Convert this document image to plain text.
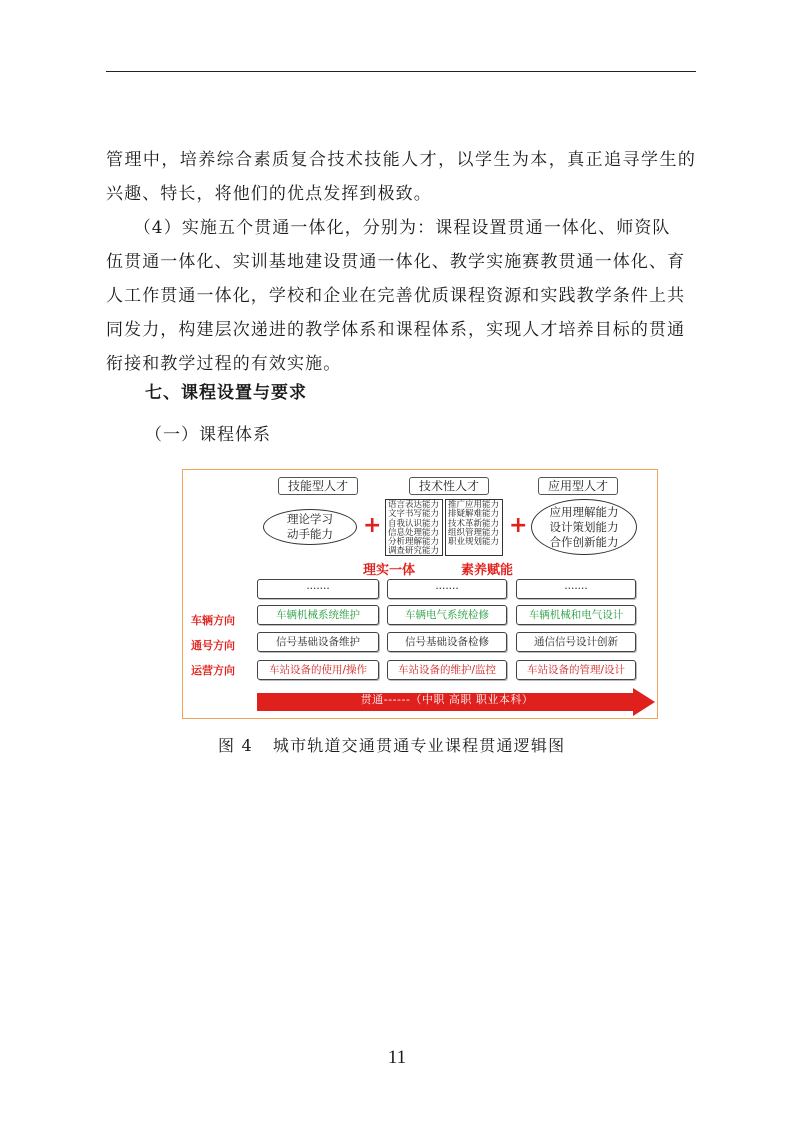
管理中，培养综合素质复合技术技能人才，以学生为本，真正追寻学生的兴趣、特长，将他们的优点发挥到极致。
　　（4）实施五个贯通一体化，分别为：课程设置贯通一体化、师资队
伍贯通一体化、实训基地建设贯通一体化、教学实施赛教贯通一体化、育
人工作贯通一体化，学校和企业在完善优质课程资源和实践教学条件上共
同发力，构建层次递进的教学体系和课程体系，实现人才培养目标的贯通
衔接和教学过程的有效实施。
七、课程设置与要求
（一）课程体系
技能型人才	技术性人才	应用型人才
理论学习
动手能力	+
语言表达能力
文字书写能力
自我认识能力
信息处理能力
分析理解能力
调查研究能力
推广应用能力
排疑解难能力
技术革新能力
组织管理能力
职业规划能力
+
应用理解能力
设计策划能力
合作创新能力
理实一体	素养赋能
·······	·······	·······
车辆方向	车辆机械系统维护	车辆电气系统检修	车辆机械和电气设计
通号方向	信号基础设备维护	信号基础设备检修	通信信号设计创新
运营方向	车站设备的使用/操作	车站设备的维护/监控	车站设备的管理/设计
贯通------（中职 高职 职业本科）
图 4 城市轨道交通贯通专业课程贯通逻辑图
11
